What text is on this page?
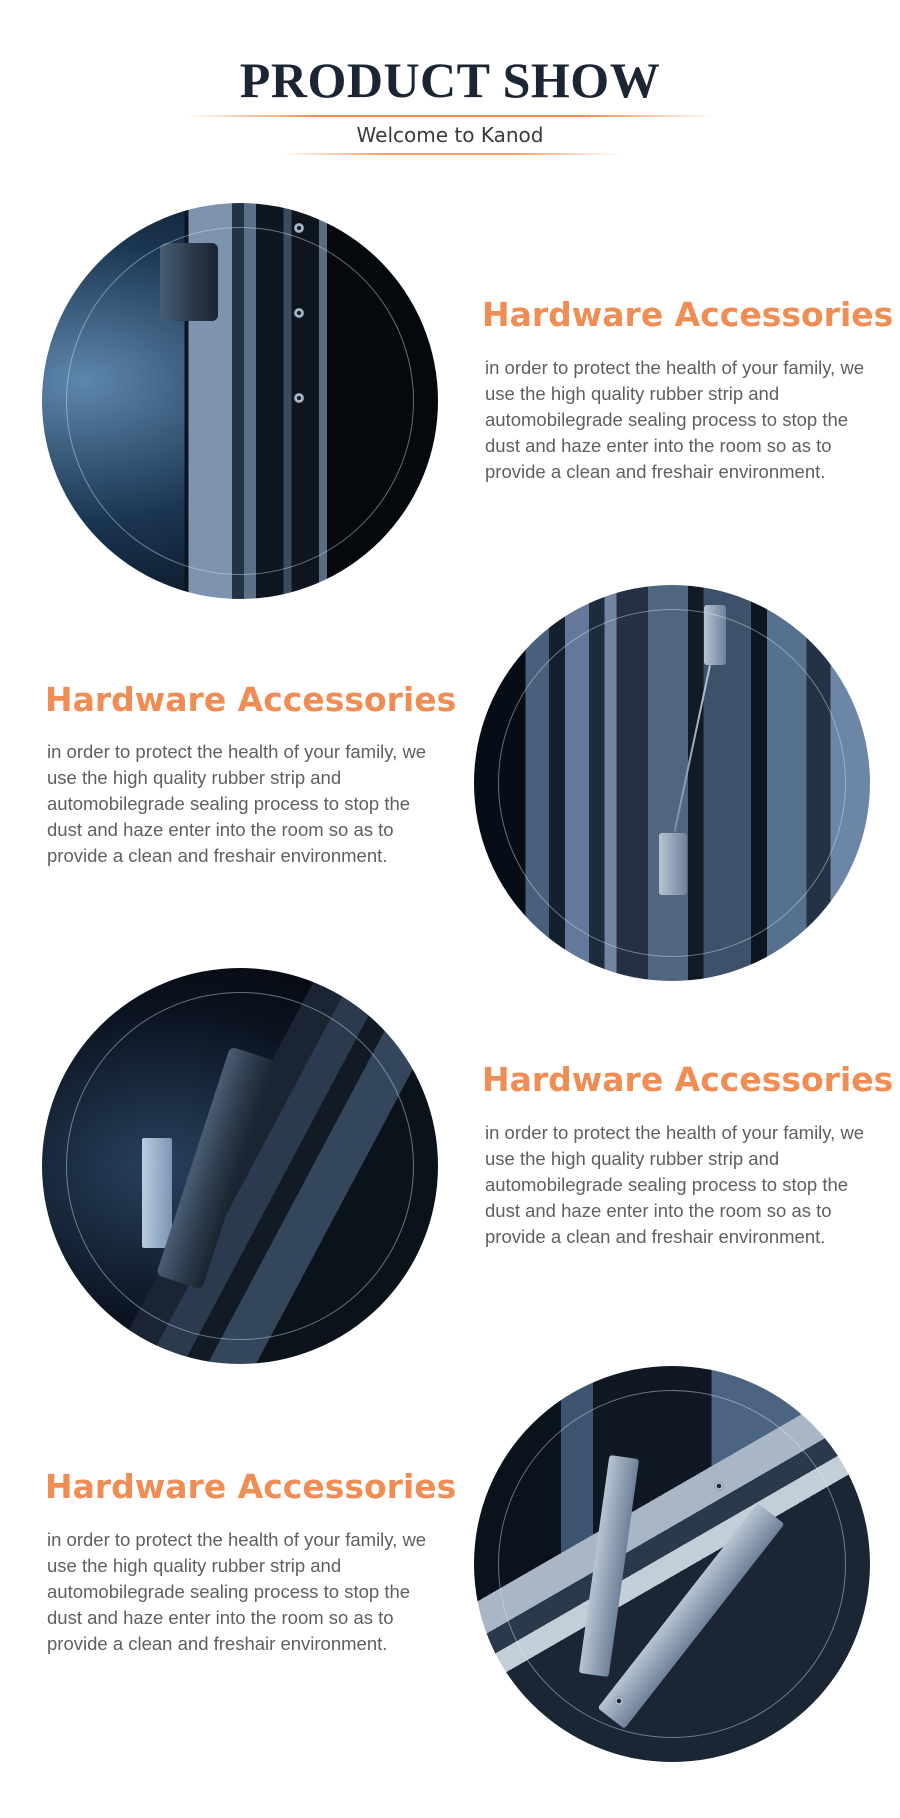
PRODUCT SHOW
Welcome to Kanod
Hardware Accessories
in order to protect the health of your family, we use the high quality rubber strip and automobilegrade sealing process to stop the dust and haze enter into the room so as to provide a clean and freshair environment.
Hardware Accessories
in order to protect the health of your family, we use the high quality rubber strip and automobilegrade sealing process to stop the dust and haze enter into the room so as to provide a clean and freshair environment.
Hardware Accessories
in order to protect the health of your family, we use the high quality rubber strip and automobilegrade sealing process to stop the dust and haze enter into the room so as to provide a clean and freshair environment.
Hardware Accessories
in order to protect the health of your family, we use the high quality rubber strip and automobilegrade sealing process to stop the dust and haze enter into the room so as to provide a clean and freshair environment.
